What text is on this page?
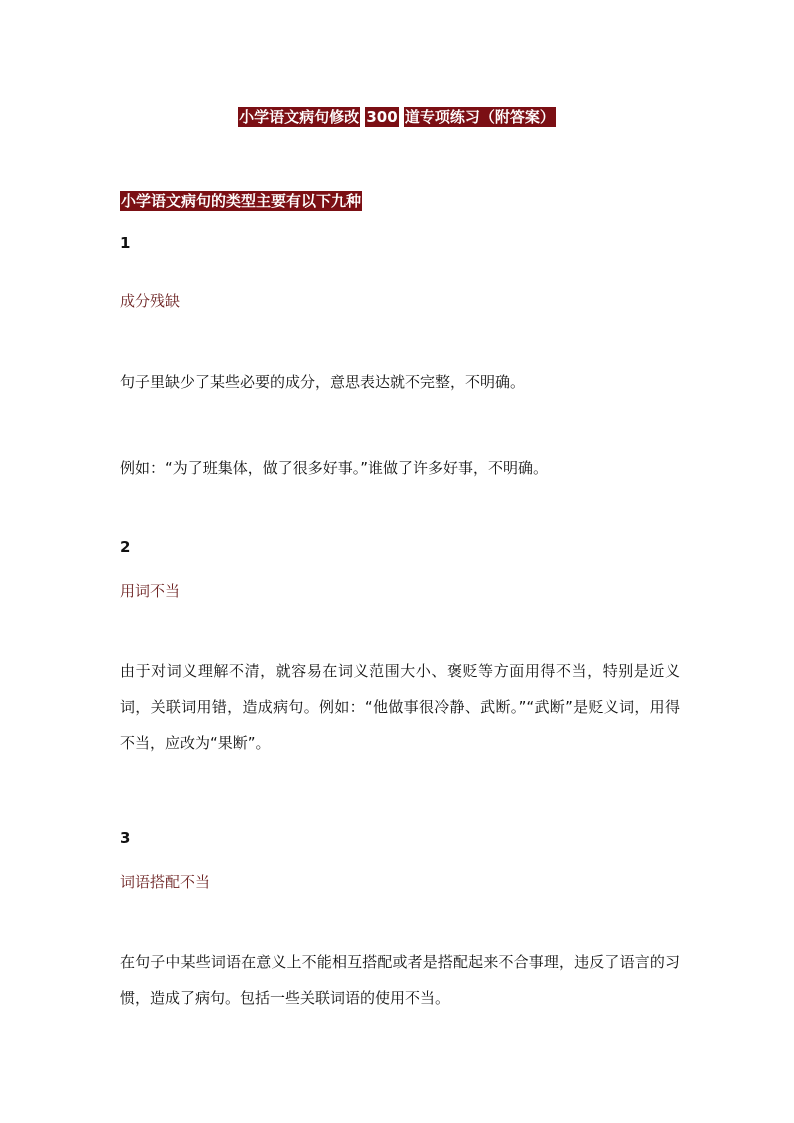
小学语文病句修改 300 道专项练习（附答案）
小学语文病句的类型主要有以下九种
1
成分残缺
句子里缺少了某些必要的成分，意思表达就不完整，不明确。
例如：“为了班集体，做了很多好事。”谁做了许多好事，不明确。
2
用词不当
由于对词义理解不清，就容易在词义范围大小、褒贬等方面用得不当，特别是近义词，关联词用错，造成病句。例如：“他做事很冷静、武断。”“武断”是贬义词，用得不当，应改为“果断”。
3
词语搭配不当
在句子中某些词语在意义上不能相互搭配或者是搭配起来不合事理，违反了语言的习惯，造成了病句。包括一些关联词语的使用不当。
